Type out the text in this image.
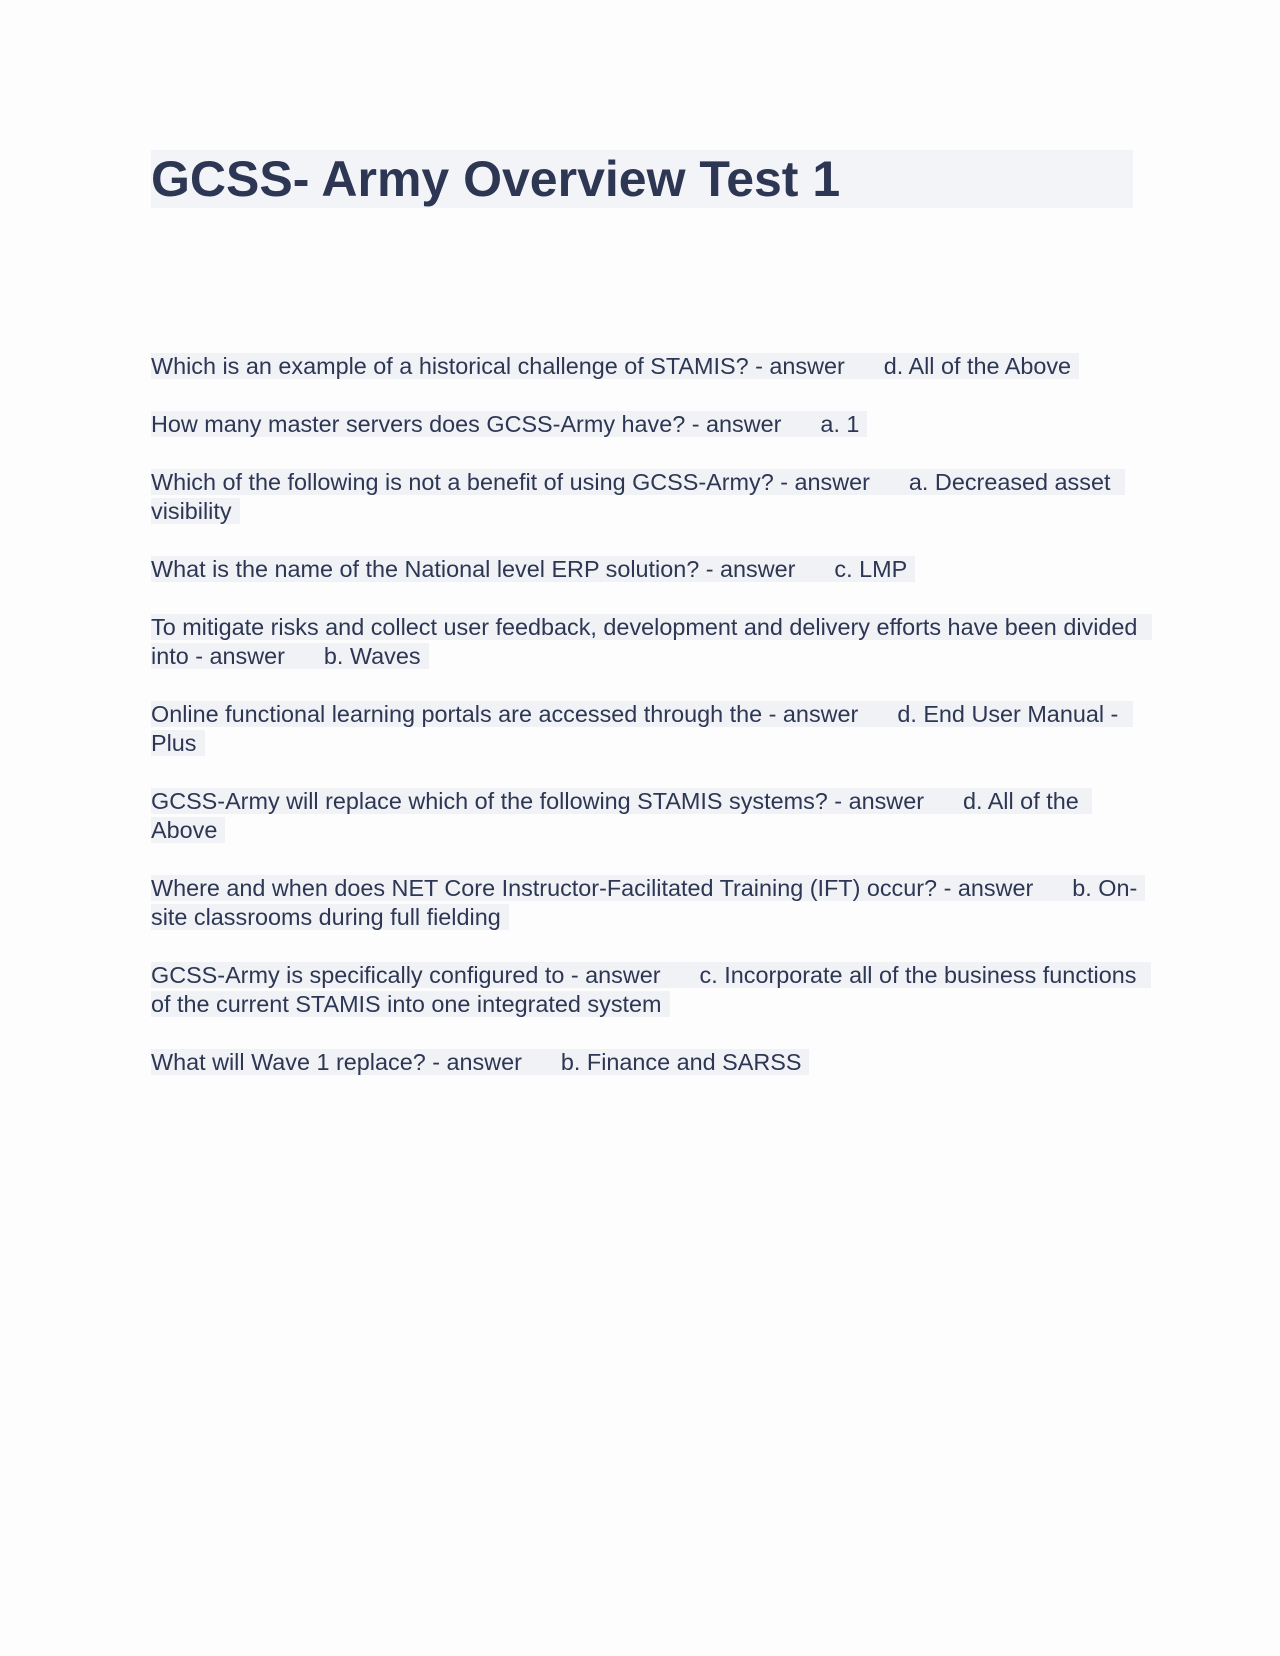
GCSS- Army Overview Test 1
Which is an example of a historical challenge of STAMIS? - answer      d. All of the Above
How many master servers does GCSS-Army have? - answer      a. 1
Which of the following is not a benefit of using GCSS-Army? - answer      a. Decreased asset visibility
What is the name of the National level ERP solution? - answer      c. LMP
To mitigate risks and collect user feedback, development and delivery efforts have been divided into - answer      b. Waves
Online functional learning portals are accessed through the - answer      d. End User Manual - Plus
GCSS-Army will replace which of the following STAMIS systems? - answer      d. All of the Above
Where and when does NET Core Instructor-Facilitated Training (IFT) occur? - answer      b. On-site classrooms during full fielding
GCSS-Army is specifically configured to - answer      c. Incorporate all of the business functions of the current STAMIS into one integrated system
What will Wave 1 replace? - answer      b. Finance and SARSS
